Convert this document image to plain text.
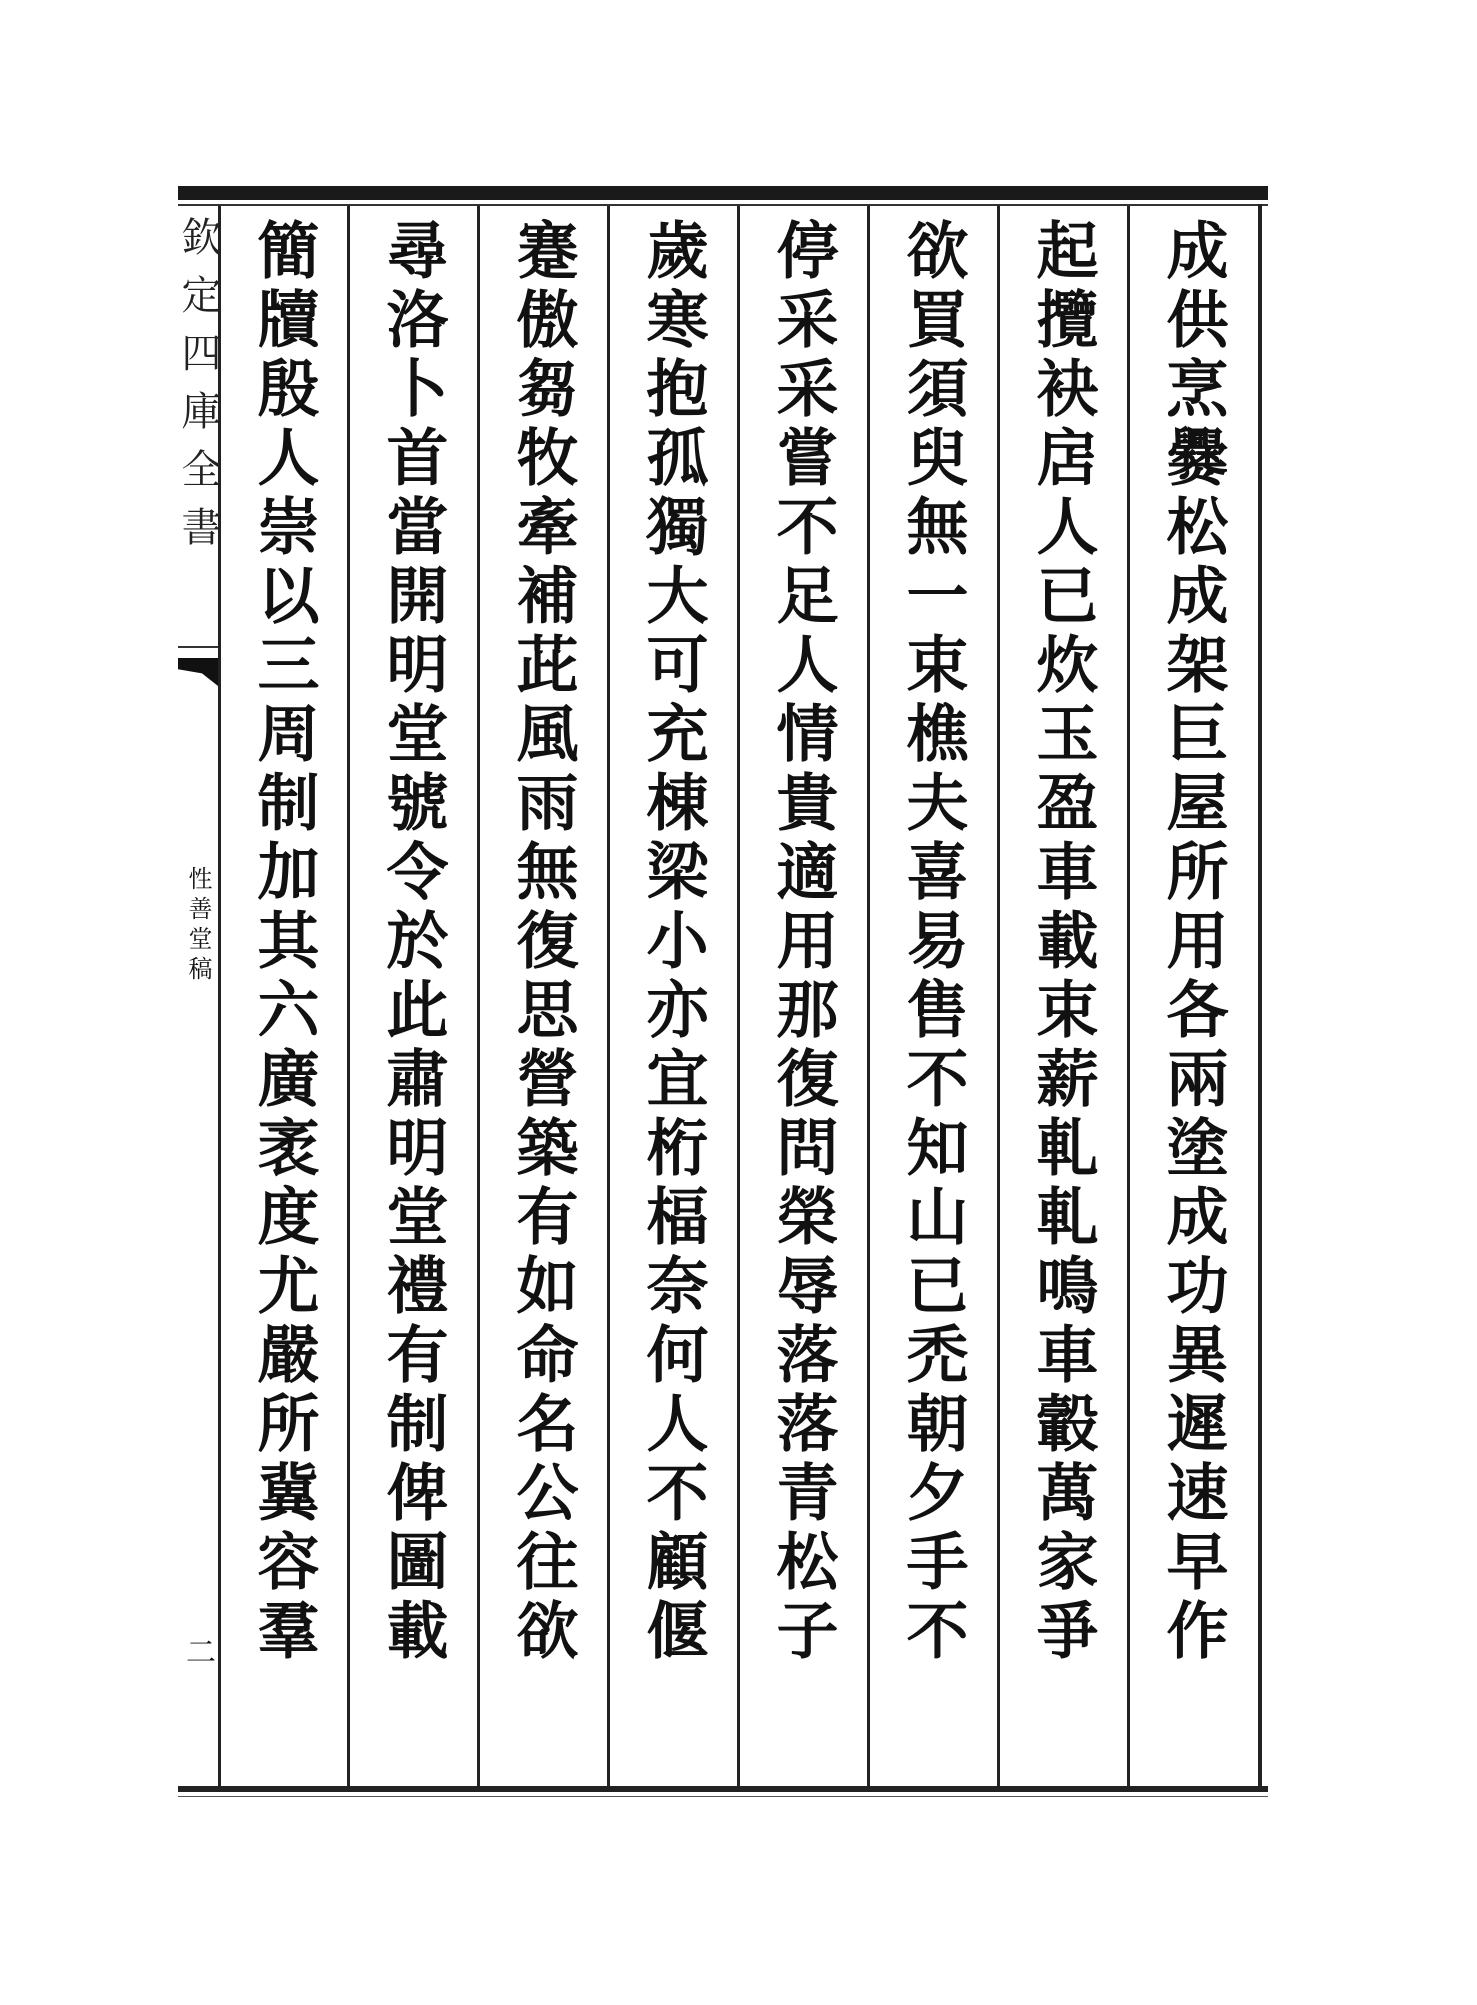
欽定四庫全書
性善堂稿
二	成供烹爨松成架巨屋所用各兩塗成功異遲速早作
起攬袂扂人已炊玉盈車載束薪軋軋鳴車轂萬家爭
欲買須臾無一束樵夫喜易售不知山已禿朝夕手不
停采采嘗不足人情貴適用那復問榮辱落落青松子
歲寒抱孤獨大可充棟梁小亦宜桁楅奈何人不顧偃
蹇傲芻牧牽補茈風雨無復思營築有如命名公往欲
尋洛卜首當開明堂號令於此肅明堂禮有制俾圖載
簡牘殷人崇以三周制加其六廣袤度尤嚴所冀容羣
